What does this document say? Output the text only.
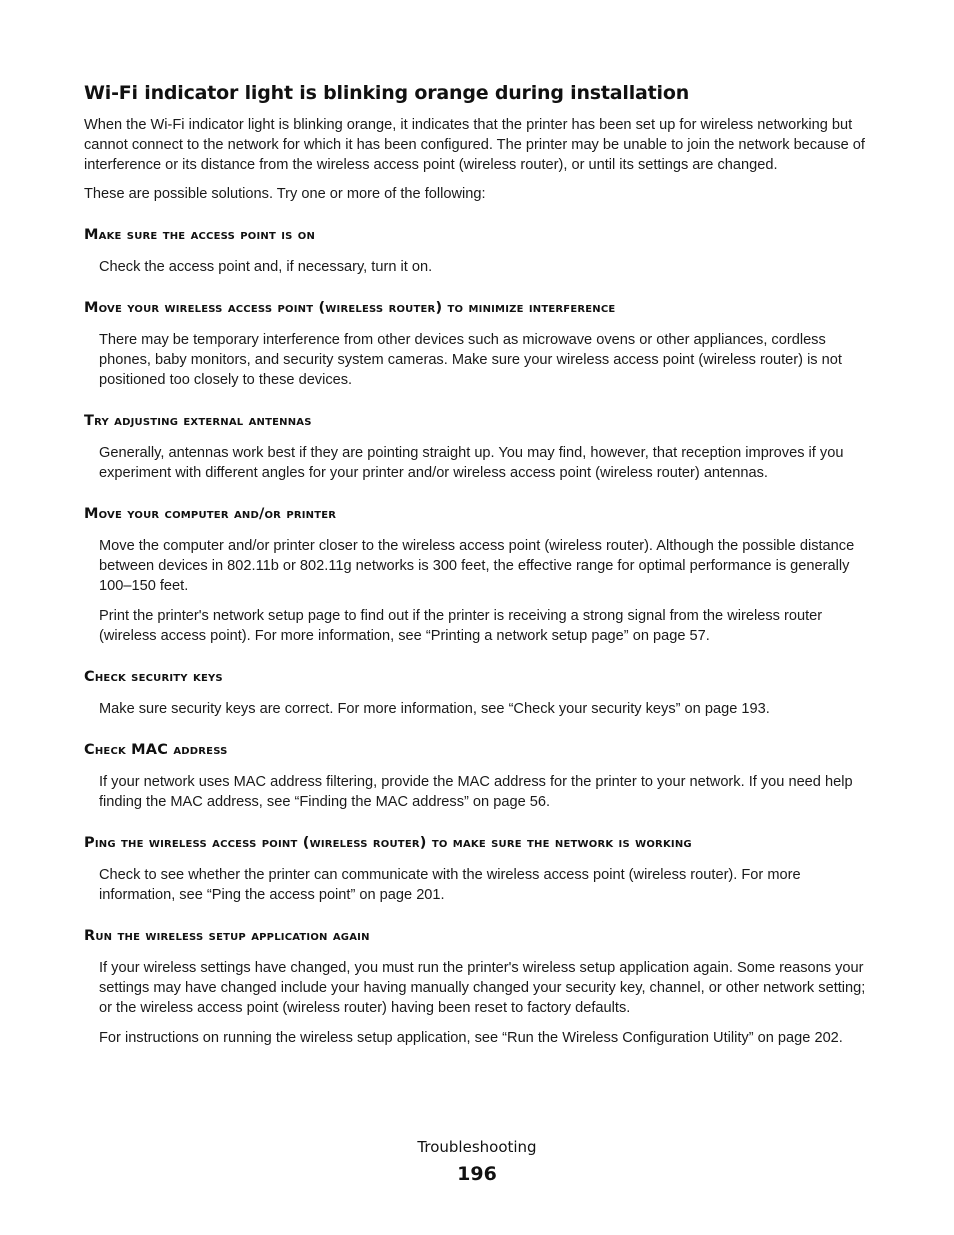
Wi-Fi indicator light is blinking orange during installation

When the Wi-Fi indicator light is blinking orange, it indicates that the printer has been set up for wireless networking but cannot connect to the network for which it has been configured. The printer may be unable to join the network because of interference or its distance from the wireless access point (wireless router), or until its settings are changed.

These are possible solutions. Try one or more of the following:

Make sure the access point is on

Check the access point and, if necessary, turn it on.

Move your wireless access point (wireless router) to minimize interference

There may be temporary interference from other devices such as microwave ovens or other appliances, cordless phones, baby monitors, and security system cameras. Make sure your wireless access point (wireless router) is not positioned too closely to these devices.

Try adjusting external antennas

Generally, antennas work best if they are pointing straight up. You may find, however, that reception improves if you experiment with different angles for your printer and/or wireless access point (wireless router) antennas.

Move your computer and/or printer

Move the computer and/or printer closer to the wireless access point (wireless router). Although the possible distance between devices in 802.11b or 802.11g networks is 300 feet, the effective range for optimal performance is generally 100–150 feet.

Print the printer's network setup page to find out if the printer is receiving a strong signal from the wireless router (wireless access point). For more information, see “Printing a network setup page” on page 57.

Check security keys

Make sure security keys are correct. For more information, see “Check your security keys” on page 193.

Check MAC address

If your network uses MAC address filtering, provide the MAC address for the printer to your network. If you need help finding the MAC address, see “Finding the MAC address” on page 56.

Ping the wireless access point (wireless router) to make sure the network is working

Check to see whether the printer can communicate with the wireless access point (wireless router). For more information, see “Ping the access point” on page 201.

Run the wireless setup application again

If your wireless settings have changed, you must run the printer's wireless setup application again. Some reasons your settings may have changed include your having manually changed your security key, channel, or other network setting; or the wireless access point (wireless router) having been reset to factory defaults.

For instructions on running the wireless setup application, see “Run the Wireless Configuration Utility” on page 202.

Troubleshooting
196
